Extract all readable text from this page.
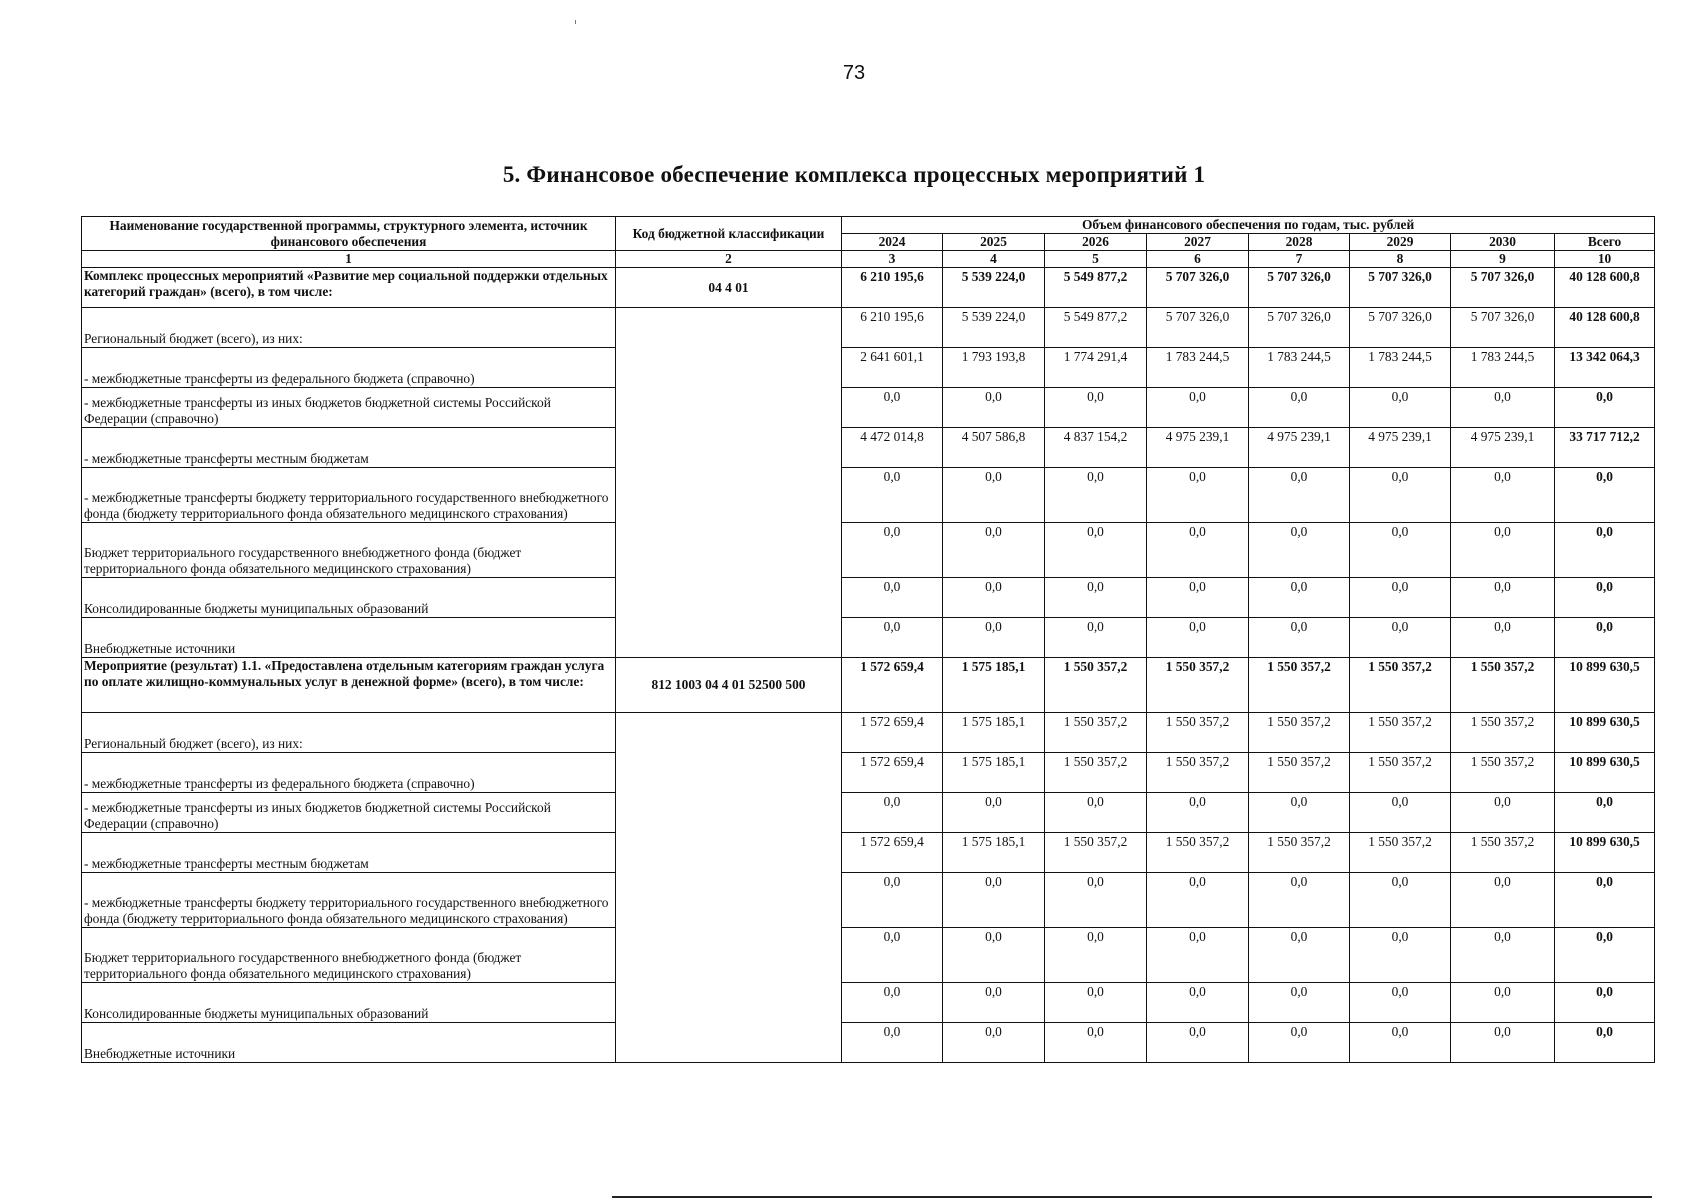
73
5. Финансовое обеспечение комплекса процессных мероприятий 1
Наименование государственной программы, структурного элемента, источник финансового обеспечения	Код бюджетной классификации	Объем финансового обеспечения по годам, тыс. рублей							
		2024	2025	2026	2027	2028	2029	2030	Всего
1	2	3	4	5	6	7	8	9	10
Комплекс процессных мероприятий «Развитие мер социальной поддержки отдельных категорий граждан» (всего), в том числе:	04 4 01	6 210 195,6	5 539 224,0	5 549 877,2	5 707 326,0	5 707 326,0	5 707 326,0	5 707 326,0	40 128 600,8
Региональный бюджет (всего), из них:		6 210 195,6	5 539 224,0	5 549 877,2	5 707 326,0	5 707 326,0	5 707 326,0	5 707 326,0	40 128 600,8
- межбюджетные трансферты из федерального бюджета (справочно)		2 641 601,1	1 793 193,8	1 774 291,4	1 783 244,5	1 783 244,5	1 783 244,5	1 783 244,5	13 342 064,3
- межбюджетные трансферты из иных бюджетов бюджетной системы Российской Федерации (справочно)		0,0	0,0	0,0	0,0	0,0	0,0	0,0	0,0
- межбюджетные трансферты местным бюджетам		4 472 014,8	4 507 586,8	4 837 154,2	4 975 239,1	4 975 239,1	4 975 239,1	4 975 239,1	33 717 712,2
- межбюджетные трансферты бюджету территориального государственного внебюджетного фонда (бюджету территориального фонда обязательного медицинского страхования)		0,0	0,0	0,0	0,0	0,0	0,0	0,0	0,0
Бюджет территориального государственного внебюджетного фонда (бюджет территориального фонда обязательного медицинского страхования)		0,0	0,0	0,0	0,0	0,0	0,0	0,0	0,0
Консолидированные бюджеты муниципальных образований		0,0	0,0	0,0	0,0	0,0	0,0	0,0	0,0
Внебюджетные источники		0,0	0,0	0,0	0,0	0,0	0,0	0,0	0,0
Мероприятие (результат) 1.1. «Предоставлена отдельным категориям граждан услуга по оплате жилищно-коммунальных услуг в денежной форме» (всего), в том числе:	812 1003 04 4 01 52500 500	1 572 659,4	1 575 185,1	1 550 357,2	1 550 357,2	1 550 357,2	1 550 357,2	1 550 357,2	10 899 630,5
Региональный бюджет (всего), из них:		1 572 659,4	1 575 185,1	1 550 357,2	1 550 357,2	1 550 357,2	1 550 357,2	1 550 357,2	10 899 630,5
- межбюджетные трансферты из федерального бюджета (справочно)		1 572 659,4	1 575 185,1	1 550 357,2	1 550 357,2	1 550 357,2	1 550 357,2	1 550 357,2	10 899 630,5
- межбюджетные трансферты из иных бюджетов бюджетной системы Российской Федерации (справочно)		0,0	0,0	0,0	0,0	0,0	0,0	0,0	0,0
- межбюджетные трансферты местным бюджетам		1 572 659,4	1 575 185,1	1 550 357,2	1 550 357,2	1 550 357,2	1 550 357,2	1 550 357,2	10 899 630,5
- межбюджетные трансферты бюджету территориального государственного внебюджетного фонда (бюджету территориального фонда обязательного медицинского страхования)		0,0	0,0	0,0	0,0	0,0	0,0	0,0	0,0
Бюджет территориального государственного внебюджетного фонда (бюджет территориального фонда обязательного медицинского страхования)		0,0	0,0	0,0	0,0	0,0	0,0	0,0	0,0
Консолидированные бюджеты муниципальных образований		0,0	0,0	0,0	0,0	0,0	0,0	0,0	0,0
Внебюджетные источники		0,0	0,0	0,0	0,0	0,0	0,0	0,0	0,0
